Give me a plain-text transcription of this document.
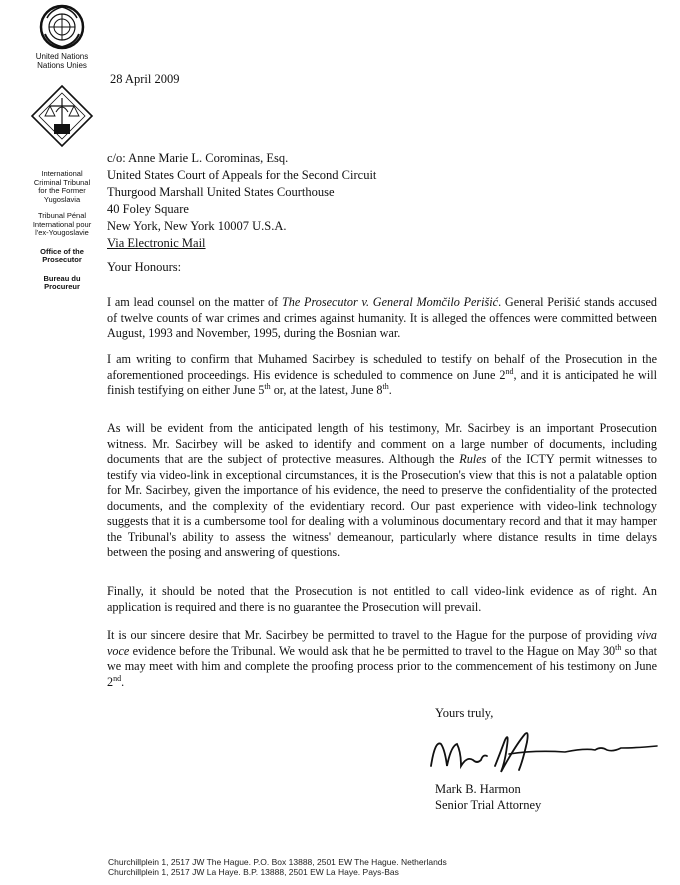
United Nations
Nations Unies
International
Criminal Tribunal
for the Former
Yugoslavia
Tribunal Pénal
International pour
l'ex-Yougoslavie
Office of the
Prosecutor
Bureau du
Procureur
28 April 2009
c/o: Anne Marie L. Corominas, Esq.
United States Court of Appeals for the Second Circuit
Thurgood Marshall United States Courthouse
40 Foley Square
New York, New York 10007 U.S.A.
Via Electronic Mail
Your Honours:

I am lead counsel on the matter of The Prosecutor v. General Momčilo Perišić. General Perišić stands accused of twelve counts of war crimes and crimes against humanity. It is alleged the offences were committed between August, 1993 and November, 1995, during the Bosnian war.

I am writing to confirm that Muhamed Sacirbey is scheduled to testify on behalf of the Prosecution in the aforementioned proceedings. His evidence is scheduled to commence on June 2nd, and it is anticipated he will finish testifying on either June 5th or, at the latest, June 8th.

As will be evident from the anticipated length of his testimony, Mr. Sacirbey is an important Prosecution witness. Mr. Sacirbey will be asked to identify and comment on a large number of documents, including documents that are the subject of protective measures. Although the Rules of the ICTY permit witnesses to testify via video-link in exceptional circumstances, it is the Prosecution's view that this is not a palatable option for Mr. Sacirbey, given the importance of his evidence, the need to preserve the confidentiality of the protected documents, and the complexity of the evidentiary record. Our past experience with video-link technology suggests that it is a cumbersome tool for dealing with a voluminous documentary record and that it may hamper the Tribunal's ability to assess the witness' demeanour, particularly where distance results in time delays between the posing and answering of questions.

Finally, it should be noted that the Prosecution is not entitled to call video-link evidence as of right. An application is required and there is no guarantee the Prosecution will prevail.

It is our sincere desire that Mr. Sacirbey be permitted to travel to the Hague for the purpose of providing viva voce evidence before the Tribunal. We would ask that he be permitted to travel to the Hague on May 30th so that we may meet with him and complete the proofing process prior to the commencement of his testimony on June 2nd.

Yours truly,
Mark B. Harmon
Senior Trial Attorney
Churchillplein 1, 2517 JW The Hague. P.O. Box 13888, 2501 EW The Hague. Netherlands
Churchillplein 1, 2517 JW La Haye. B.P. 13888, 2501 EW La Haye. Pays-Bas
